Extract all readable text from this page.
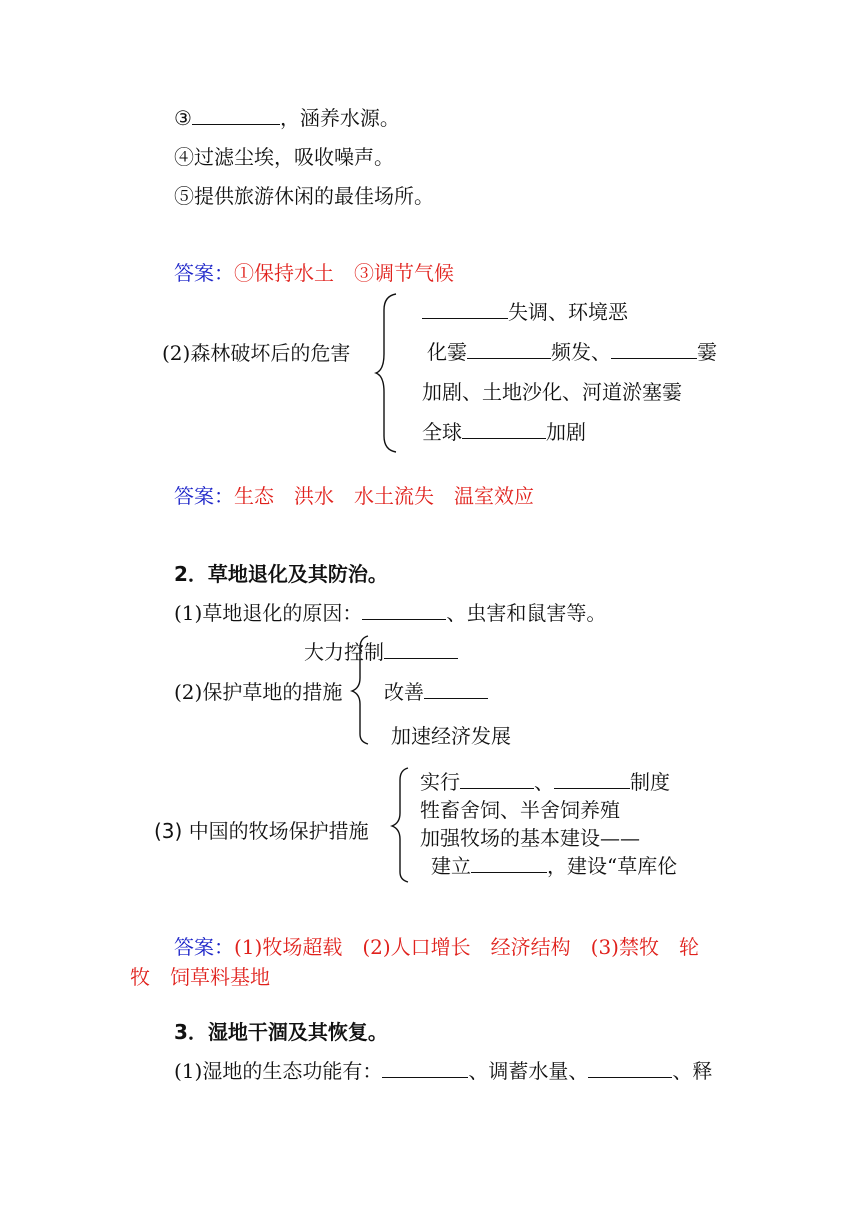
③	，涵养水源。
④过滤尘埃，吸收噪声。
⑤提供旅游休闲的最佳场所。
答案：①保持水土　③调节气候
(2)森林破坏后的危害
失调、环境恶
化霎	频发、	霎
加剧、土地沙化、河道淤塞霎
全球	加剧
答案：生态　洪水　水土流失　温室效应
2．草地退化及其防治。
(1)草地退化的原因：	、虫害和鼠害等。
大力控制
(2)保护草地的措施 改善
加速经济发展
实行	、	制度
牲畜舍饲、半舍饲养殖
(3) 中国的牧场保护措施	加强牧场的基本建设——
建立	，建设“草库伦
答案：(1)牧场超载　(2)人口增长　经济结构　(3)禁牧　轮
牧　饲草料基地
3．湿地干涸及其恢复。
(1)湿地的生态功能有：	、调蓄水量、	、释
